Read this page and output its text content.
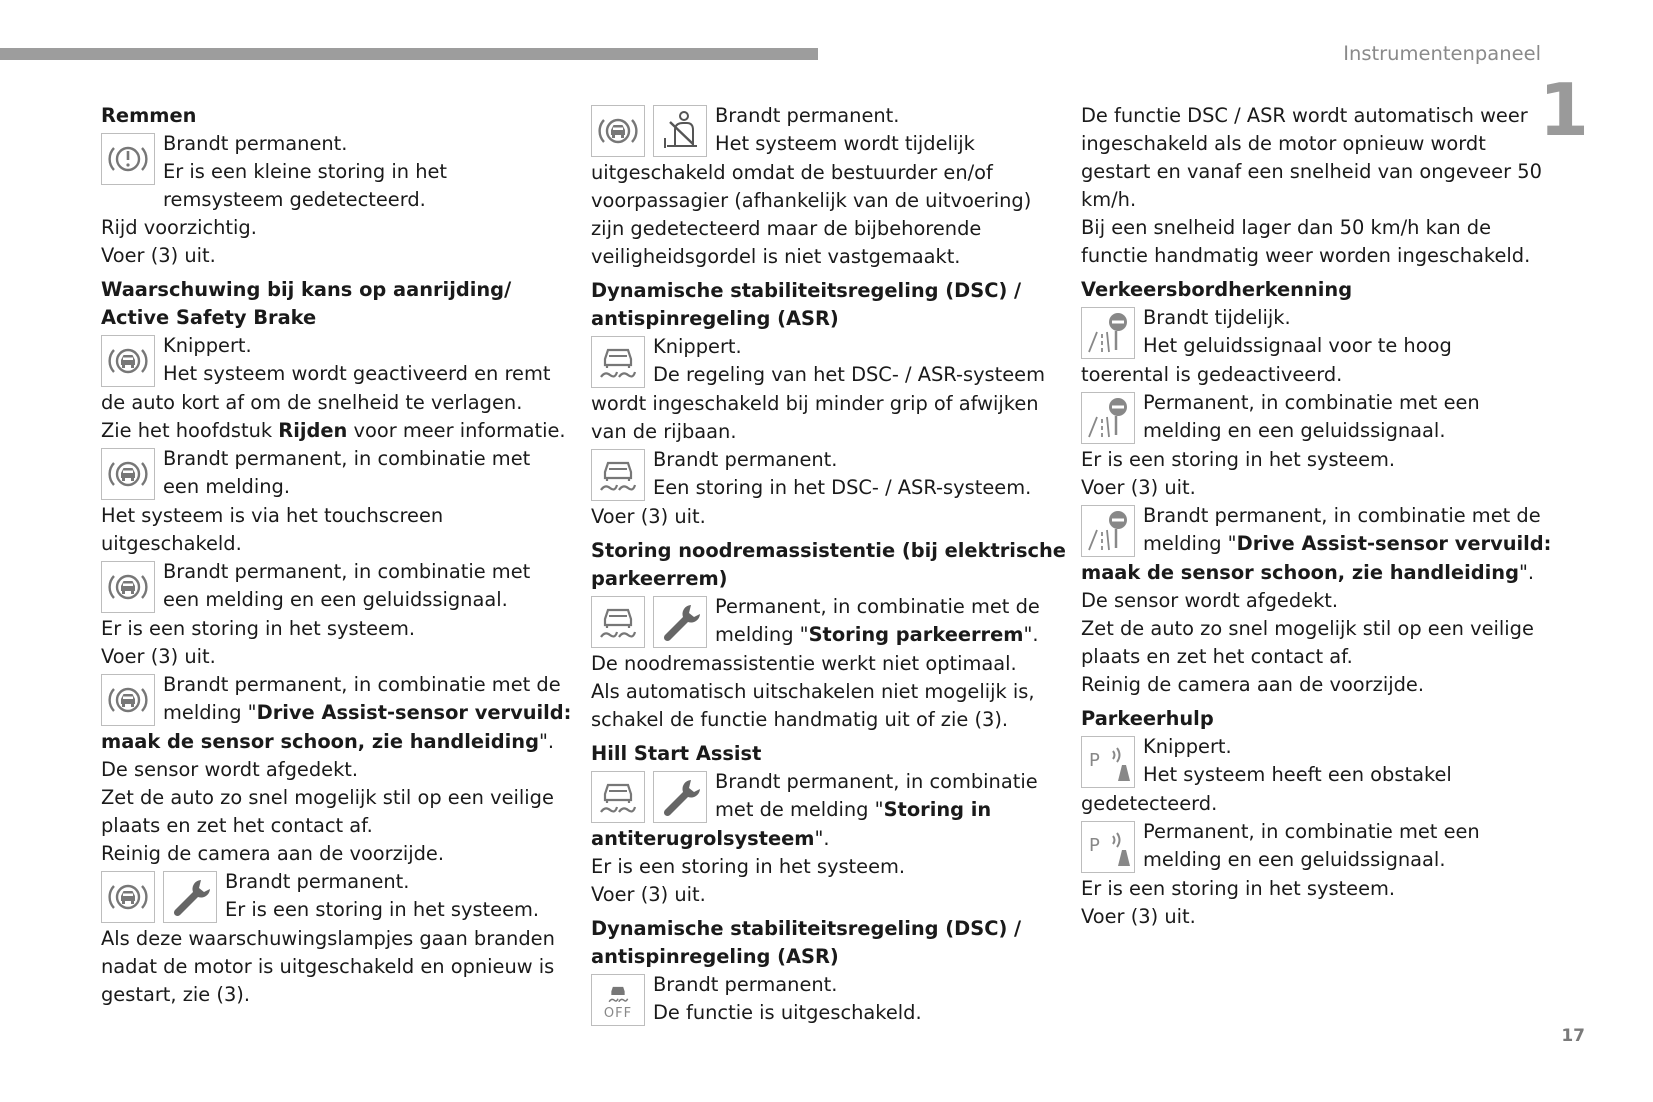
Instrumentenpaneel
1
17
Remmen
Brandt permanent.
Er is een kleine storing in het
remsysteem gedetecteerd.
Rijd voorzichtig.
Voer (3) uit.
Waarschuwing bij kans op aanrijding/
Active Safety Brake
Knippert.
Het systeem wordt geactiveerd en remt
de auto kort af om de snelheid te verlagen.
Zie het hoofdstuk Rijden voor meer informatie.
Brandt permanent, in combinatie met
een melding.
Het systeem is via het touchscreen
uitgeschakeld.
Brandt permanent, in combinatie met
een melding en een geluidssignaal.
Er is een storing in het systeem.
Voer (3) uit.
Brandt permanent, in combinatie met de
melding "Drive Assist-sensor vervuild:
maak de sensor schoon, zie handleiding".
De sensor wordt afgedekt.
Zet de auto zo snel mogelijk stil op een veilige
plaats en zet het contact af.
Reinig de camera aan de voorzijde.
Brandt permanent.
Er is een storing in het systeem.
Als deze waarschuwingslampjes gaan branden
nadat de motor is uitgeschakeld en opnieuw is
gestart, zie (3).
Brandt permanent.
Het systeem wordt tijdelijk
uitgeschakeld omdat de bestuurder en/of
voorpassagier (afhankelijk van de uitvoering)
zijn gedetecteerd maar de bijbehorende
veiligheidsgordel is niet vastgemaakt.
Dynamische stabiliteitsregeling (DSC) /
antispinregeling (ASR)
Knippert.
De regeling van het DSC- / ASR-systeem
wordt ingeschakeld bij minder grip of afwijken
van de rijbaan.
Brandt permanent.
Een storing in het DSC- / ASR-systeem.
Voer (3) uit.
Storing noodremassistentie (bij elektrische
parkeerrem)
Permanent, in combinatie met de
melding "Storing parkeerrem".
De noodremassistentie werkt niet optimaal.
Als automatisch uitschakelen niet mogelijk is,
schakel de functie handmatig uit of zie (3).
Hill Start Assist
Brandt permanent, in combinatie
met de melding "Storing in
antiterugrolsysteem".
Er is een storing in het systeem.
Voer (3) uit.
Dynamische stabiliteitsregeling (DSC) /
antispinregeling (ASR)
OFF
Brandt permanent.
De functie is uitgeschakeld.
De functie DSC / ASR wordt automatisch weer
ingeschakeld als de motor opnieuw wordt
gestart en vanaf een snelheid van ongeveer 50
km/h.
Bij een snelheid lager dan 50 km/h kan de
functie handmatig weer worden ingeschakeld.
Verkeersbordherkenning
Brandt tijdelijk.
Het geluidssignaal voor te hoog
toerental is gedeactiveerd.
Permanent, in combinatie met een
melding en een geluidssignaal.
Er is een storing in het systeem.
Voer (3) uit.
Brandt permanent, in combinatie met de
melding "Drive Assist-sensor vervuild:
maak de sensor schoon, zie handleiding".
De sensor wordt afgedekt.
Zet de auto zo snel mogelijk stil op een veilige
plaats en zet het contact af.
Reinig de camera aan de voorzijde.
Parkeerhulp
P
Knippert.
Het systeem heeft een obstakel
gedetecteerd.
P
Permanent, in combinatie met een
melding en een geluidssignaal.
Er is een storing in het systeem.
Voer (3) uit.
